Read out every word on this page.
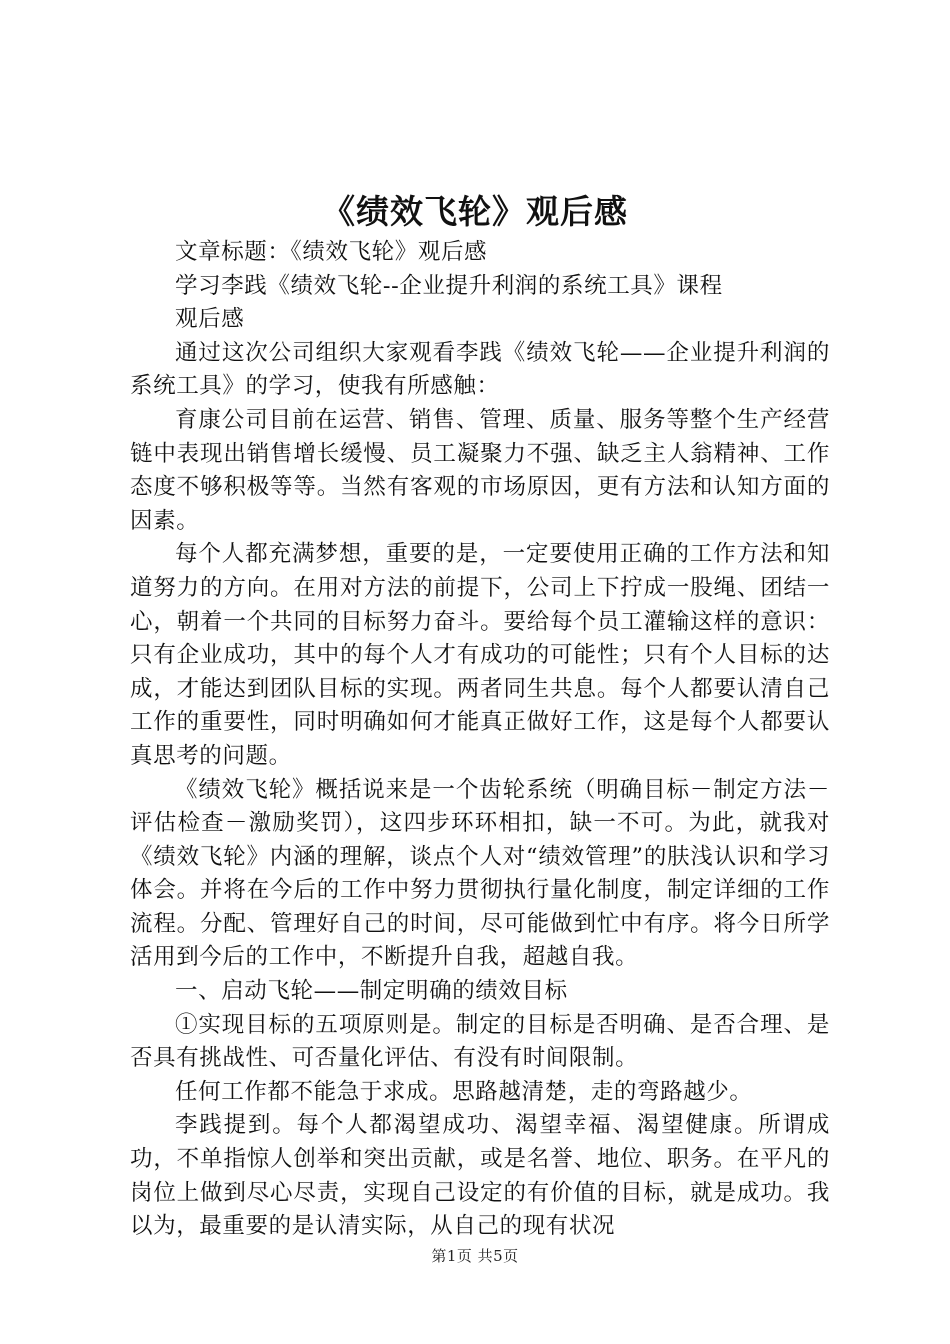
《绩效飞轮》观后感

文章标题：《绩效飞轮》观后感

学习李践《绩效飞轮--企业提升利润的系统工具》课程

观后感

通过这次公司组织大家观看李践《绩效飞轮——企业提升利润的系统工具》的学习，使我有所感触：

育康公司目前在运营、销售、管理、质量、服务等整个生产经营链中表现出销售增长缓慢、员工凝聚力不强、缺乏主人翁精神、工作态度不够积极等等。当然有客观的市场原因，更有方法和认知方面的因素。

每个人都充满梦想，重要的是，一定要使用正确的工作方法和知道努力的方向。在用对方法的前提下，公司上下拧成一股绳、团结一心，朝着一个共同的目标努力奋斗。要给每个员工灌输这样的意识：只有企业成功，其中的每个人才有成功的可能性；只有个人目标的达成，才能达到团队目标的实现。两者同生共息。每个人都要认清自己工作的重要性，同时明确如何才能真正做好工作，这是每个人都要认真思考的问题。

《绩效飞轮》概括说来是一个齿轮系统（明确目标－制定方法－评估检查－激励奖罚），这四步环环相扣，缺一不可。为此，就我对《绩效飞轮》内涵的理解，谈点个人对“绩效管理”的肤浅认识和学习体会。并将在今后的工作中努力贯彻执行量化制度，制定详细的工作流程。分配、管理好自己的时间，尽可能做到忙中有序。将今日所学活用到今后的工作中，不断提升自我，超越自我。

一、启动飞轮——制定明确的绩效目标

①实现目标的五项原则是。制定的目标是否明确、是否合理、是否具有挑战性、可否量化评估、有没有时间限制。

任何工作都不能急于求成。思路越清楚，走的弯路越少。

李践提到。每个人都渴望成功、渴望幸福、渴望健康。所谓成功，不单指惊人创举和突出贡献，或是名誉、地位、职务。在平凡的岗位上做到尽心尽责，实现自己设定的有价值的目标，就是成功。我以为，最重要的是认清实际，从自己的现有状况

第1页 共5页
